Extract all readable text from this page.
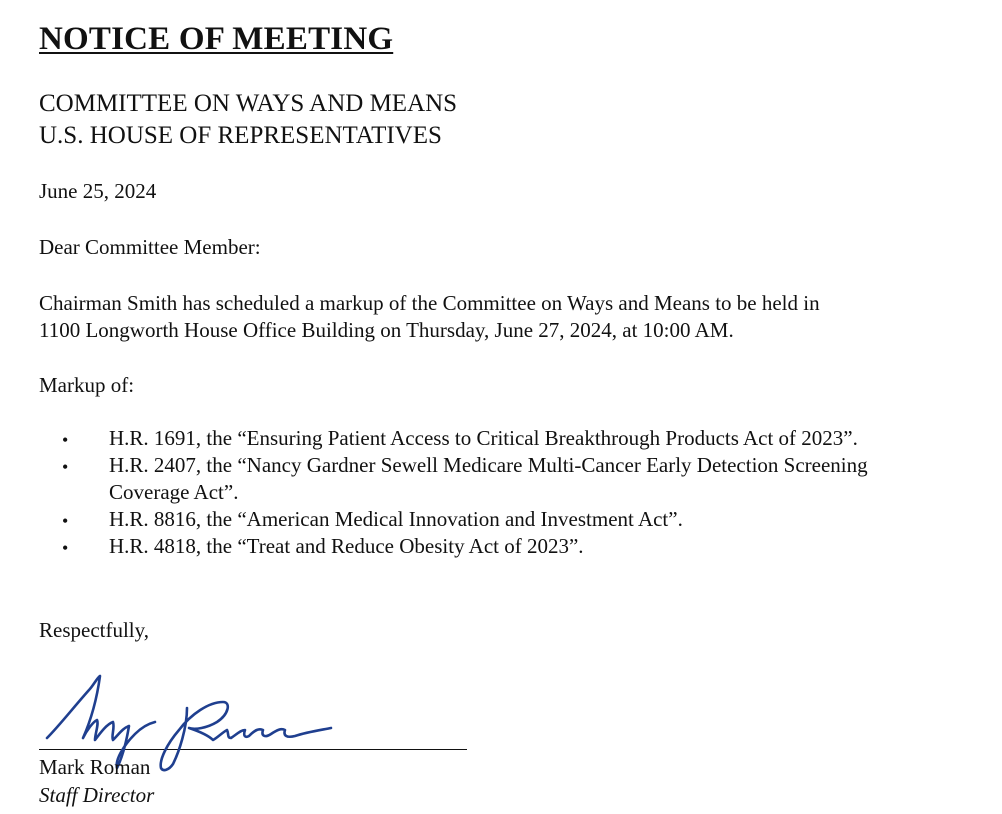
NOTICE OF MEETING

COMMITTEE ON WAYS AND MEANS

U.S. HOUSE OF REPRESENTATIVES

June 25, 2024

Dear Committee Member:

Chairman Smith has scheduled a markup of the Committee on Ways and Means to be held in

1100 Longworth House Office Building on Thursday, June 27, 2024, at 10:00 AM.

Markup of:

• H.R. 1691, the “Ensuring Patient Access to Critical Breakthrough Products Act of 2023”.
• H.R. 2407, the “Nancy Gardner Sewell Medicare Multi-Cancer Early Detection Screening Coverage Act”.
• H.R. 8816, the “American Medical Innovation and Investment Act”.
• H.R. 4818, the “Treat and Reduce Obesity Act of 2023”.

Respectfully,

Mark Roman

Staff Director
